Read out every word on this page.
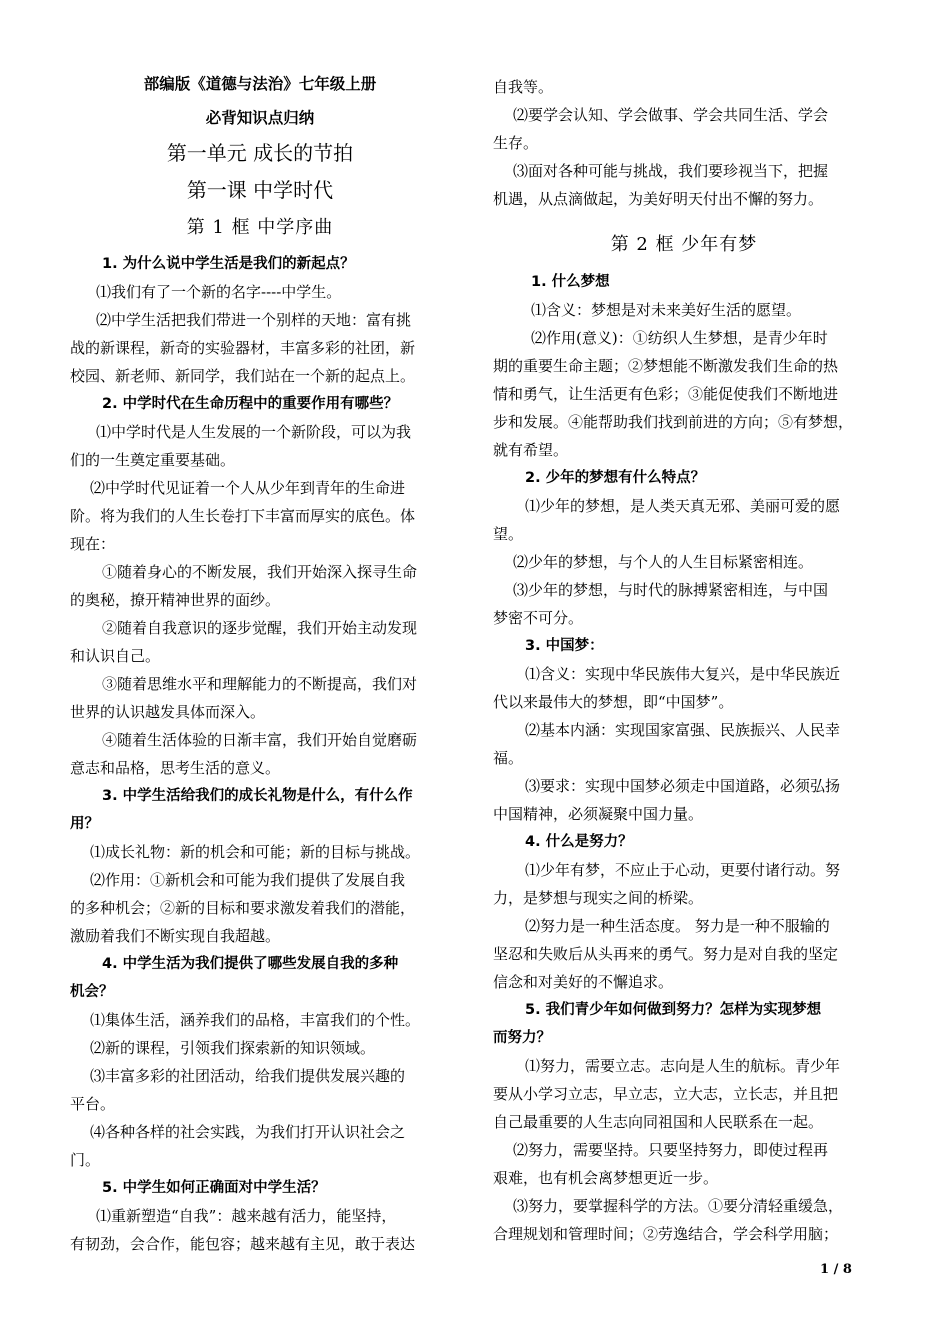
部编版《道德与法治》七年级上册
必背知识点归纳
第一单元 成长的节拍
第一课 中学时代
第 1 框 中学序曲
1. 为什么说中学生活是我们的新起点？
⑴我们有了一个新的名字----中学生。
⑵中学生活把我们带进一个别样的天地：富有挑
战的新课程，新奇的实验器材，丰富多彩的社团，新
校园、新老师、新同学，我们站在一个新的起点上。
2. 中学时代在生命历程中的重要作用有哪些？
⑴中学时代是人生发展的一个新阶段，可以为我
们的一生奠定重要基础。
⑵中学时代见证着一个人从少年到青年的生命进
阶。将为我们的人生长卷打下丰富而厚实的底色。体
现在：
①随着身心的不断发展，我们开始深入探寻生命
的奥秘，撩开精神世界的面纱。
②随着自我意识的逐步觉醒，我们开始主动发现
和认识自己。
③随着思维水平和理解能力的不断提高，我们对
世界的认识越发具体而深入。
④随着生活体验的日渐丰富，我们开始自觉磨砺
意志和品格，思考生活的意义。
3. 中学生活给我们的成长礼物是什么，有什么作
用？
⑴成长礼物：新的机会和可能；新的目标与挑战。
⑵作用：①新机会和可能为我们提供了发展自我
的多种机会；②新的目标和要求激发着我们的潜能，
激励着我们不断实现自我超越。
4. 中学生活为我们提供了哪些发展自我的多种
机会？
⑴集体生活，涵养我们的品格，丰富我们的个性。
⑵新的课程，引领我们探索新的知识领域。
⑶丰富多彩的社团活动，给我们提供发展兴趣的
平台。
⑷各种各样的社会实践，为我们打开认识社会之
门。
5. 中学生如何正确面对中学生活？
⑴重新塑造“自我”：越来越有活力，能坚持，
有韧劲，会合作，能包容；越来越有主见，敢于表达
自我等。
⑵要学会认知、学会做事、学会共同生活、学会
生存。
⑶面对各种可能与挑战，我们要珍视当下，把握
机遇，从点滴做起，为美好明天付出不懈的努力。
第 2 框 少年有梦
1. 什么梦想
⑴含义：梦想是对未来美好生活的愿望。
⑵作用(意义)：①纺织人生梦想，是青少年时
期的重要生命主题；②梦想能不断激发我们生命的热
情和勇气，让生活更有色彩；③能促使我们不断地进
步和发展。④能帮助我们找到前进的方向；⑤有梦想，
就有希望。
2. 少年的梦想有什么特点？
⑴少年的梦想，是人类天真无邪、美丽可爱的愿
望。
⑵少年的梦想，与个人的人生目标紧密相连。
⑶少年的梦想，与时代的脉搏紧密相连，与中国
梦密不可分。
3. 中国梦：
⑴含义：实现中华民族伟大复兴，是中华民族近
代以来最伟大的梦想，即“中国梦”。
⑵基本内涵：实现国家富强、民族振兴、人民幸
福。
⑶要求：实现中国梦必须走中国道路，必须弘扬
中国精神，必须凝聚中国力量。
4. 什么是努力？
⑴少年有梦，不应止于心动，更要付诸行动。努
力，是梦想与现实之间的桥梁。
⑵努力是一种生活态度。 努力是一种不服输的
坚忍和失败后从头再来的勇气。努力是对自我的坚定
信念和对美好的不懈追求。
5. 我们青少年如何做到努力？怎样为实现梦想
而努力？
⑴努力，需要立志。志向是人生的航标。青少年
要从小学习立志，早立志，立大志，立长志，并且把
自己最重要的人生志向同祖国和人民联系在一起。
⑵努力，需要坚持。只要坚持努力，即使过程再
艰难，也有机会离梦想更近一步。
⑶努力，要掌握科学的方法。①要分清轻重缓急，
合理规划和管理时间；②劳逸结合，学会科学用脑；
1 / 8
